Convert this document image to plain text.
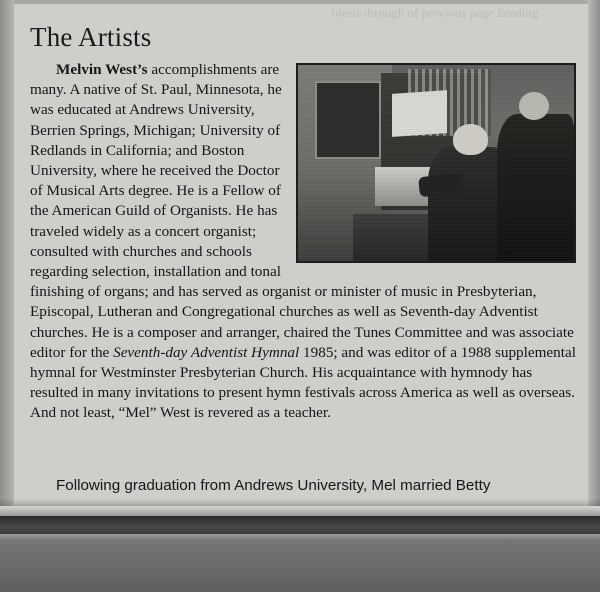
bleed-through of previous page heading
The Artists

Melvin West’s accomplishments are many. A native of St. Paul, Minnesota, he was educated at Andrews University, Berrien Springs, Michigan; University of Redlands in California; and Boston University, where he received the Doctor of Musical Arts degree. He is a Fellow of the American Guild of Organists. He has traveled widely as a concert organist; consulted with churches and schools regarding selection, installation and tonal finishing of organs; and has served as organist or minister of music in Presbyterian, Episcopal, Lutheran and Congregational churches as well as Seventh-day Adventist churches. He is a composer and arranger, chaired the Tunes Committee and was associate editor for the Seventh-day Adventist Hymnal 1985; and was editor of a 1988 supplemental hymnal for Westminster Presbyterian Church. His acquaintance with hymnody has resulted in many invitations to present hymn festivals across America as well as overseas. And not least, “Mel” West is revered as a teacher.

Following graduation from Andrews University, Mel married Betty
